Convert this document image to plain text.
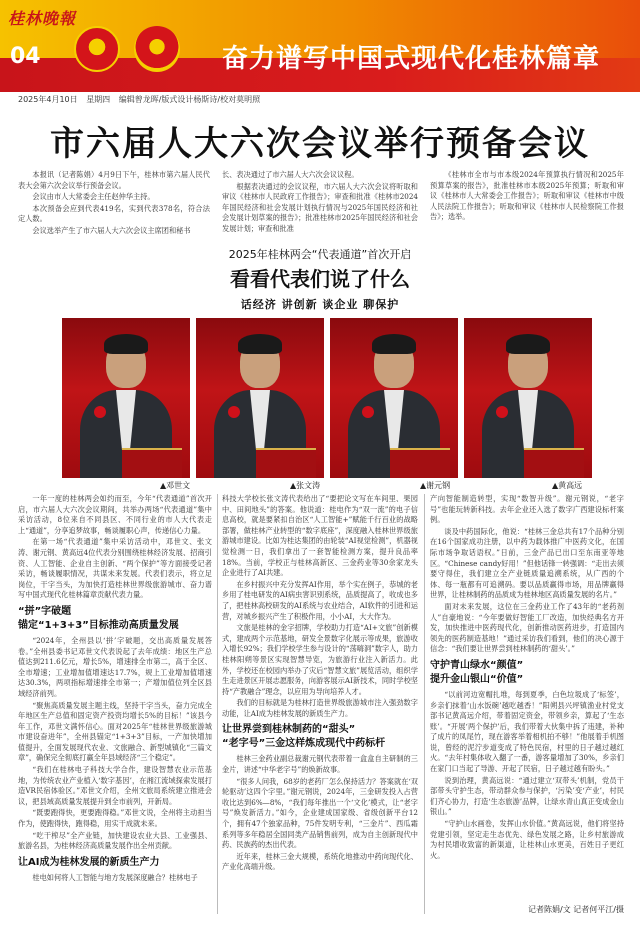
桂林晚報
04	奋力谱写中国式现代化桂林篇章
2025年4月10日 星期四 编辑曾龙晖/版式设计杨斯诗/校对莫明照
市六届人大六次会议举行预备会议

本报讯（记者陈娟）4月9日下午，桂林市第六届人民代表大会第六次会议举行预备会议。

会议由市人大常委会主任赵仲华主持。

本次预备会应到代表419名，实到代表378名，符合法定人数。

会议选举产生了市六届人大六次会议主席团和秘书

长、表决通过了市六届人大六次会议议程。

根据表决通过的会议议程，市六届人大六次会议将听取和审议《桂林市人民政府工作报告》；审查和批准《桂林市2024年国民经济和社会发展计划执行情况与2025年国民经济和社会发展计划草案的报告》；批准桂林市2025年国民经济和社会发展计划；审查和批准

《桂林市全市与市本级2024年预算执行情况和2025年预算草案的报告》，批准桂林市本级2025年预算；听取和审议《桂林市人大常委会工作报告》；听取和审议《桂林市中级人民法院工作报告》；听取和审议《桂林市人民检察院工作报告》；选举。

2025年桂林两会“代表通道”首次开启
看看代表们说了什么
话经济 讲创新 谈企业 聊保护
▲邓世文	▲张文涛	▲谢元钢	▲黄高远

一年一度的桂林两会如约而至，今年“代表通道”首次开启，市六届人大六次会议期间，共举办两场“代表通道”集中采访活动，8位来自不同县区、不同行业的市人大代表走上“通道”，分享追梦故事，畅谈履职心声，传递信心力量。

在第一场“代表通道”集中采访活动中，邓世文、张文涛、谢元钢、黄高远4位代表分别围绕桂林经济发展、招商引资、人工智能、企业自主创新、“两个保护”等方面接受记者采访，畅谈履职情况，共谋未来发展。代表们表示，将立足岗位，干字当头，为加快打造桂林世界级旅游城市、奋力谱写中国式现代化桂林篇章贡献代表力量。

“拼”字破题
锚定“1+3+3”目标推动高质量发展

“2024年，全州县以‘拼’字破题，交出高质量发展答卷。”全州县委书记邓世文代表说起了去年成绩：地区生产总值达到211.6亿元，增长5%，增速排全市第二，高于全区、全市增速；工业增加值增速达17.7%，规上工业增加值增速达30.3%，两项指标增速排全市第一；产增加值位列全区县域经济前列。

“聚焦高质量发展主题主线，坚持干字当头，奋力完成全年地区生产总值和固定资产投资均增长5%的目标！”该县今年工作，邓世文满怀信心。面对2025年“桂林世界级旅游城市建设奋进年”，全州县锚定“1+3+3”目标，一产加快增加值提升，全面发展现代农业、文旅融合、新型城镇化“三篇文章”，确保完全彻底打赢全年县域经济“三个稳定”。

“我们在桂林电子科技大学合作，建设智慧农业示范基地，为传统农业产业植入‘数字基因’，在湘江流域探索发展打造VR民宿体验区。”邓世文介绍，全州文旅局系统建立推进会议，把县域高质量发展提升到全市前列，开新局。

“既要跑得快，更要跑得稳。”邓世文说，全州将主动担当作为，使跑得快，跑得稳，用实干成就未来。

“吃干榨尽”全产业链，加快建设农业大县、工业强县、旅游名县，为桂林经济高质量发展作出全州贡献。

让AI成为桂林发展的新质生产力

桂电如何将人工智能与地方发展深度融合？桂林电子

科技大学校长张文涛代表给出了“要把论文写在车间里、果园中、田间地头”的答案。他说道：桂电作为“双一流”的电子信息高校，就是要紧扣自治区“人工智能+”赋能千行百业的战略部署，做桂林产业转型的“数字底座”，深度融入桂林世界级旅游城市建设。比如为桂达集团的由轮装“AI视觉检测”，机器视觉检测一日，我们拿出了一套智能检测方案，提升良品率18%。当前，学校正与桂林高新区、三金药业等30余家龙头企业进行了AI共建。

在乡村振兴中充分发挥AI作用，举个实在例子，恭城的老乡用了桂电研发的AI病虫害识别系统，品质提高了，收成也多了，把桂林高校研发的AI系统与农业结合，AI软件的引进和运营，对城乡振兴产生了积极作用，小小AI，大大作为。

文旅是桂林的金字招牌，学校助力打造“AI+文旅”创新模式，建成两个示范基地，研发全景数字化展示等成果，旅游收入增长92%；我们学校学生参与设计的“荡嗨洞”数字人，助力桂林阳朔等景区实现智慧导览，为旅游行业注入新活力。此外，学校还在校园内举办了灾后“智慧文旅”展览活动，组织学生走进景区开展志愿服务，向游客展示AI新技术，同时学校坚持“产教融合”理念，以应用为导向培养人才。

我们的目标就是为桂林打造世界级旅游城市注入强劲数字动能，让AI成为桂林发展的新质生产力。

让世界尝到桂林制药的“甜头”
“老字号”三金这样炼成现代中药标杆

桂林三金药业副总裁谢元钢代表带着一盒盒自主研制的三金片，讲述“中华老字号”的焕新故事。

“很多人问我，68岁的老药厂怎么保持活力？答案就在‘双轮驱动’这四个字里。”谢元钢说，2024年，三金研发投入占营收比达到6%—8%，“我们每年推出一个‘文化’模式，让“老字号”焕发新活力。”如今，企业建成国家级、省级创新平台12个，拥有47个独家品种，75件发明专利，“三金片”、西瓜霜系列等多年稳居全国同类产品销售前列，成为自主创新现代中药、民族药的杰出代表。

近年来，桂林三金大规模，系统化地推动中药向现代化、产业化高端升级。

产向智能制造转型，实现“数智升级”。谢元钢说，“老字号”也能玩转新科技。去年企业还入选了数字广西建设标杆案例。

谈及中药国际化，他说：“桂林三金总共有17个品种分别在16个国家成功注册，以中药为载体推广中医药文化，在国际市场争取话语权。”日前，三金产品已出口至东南亚等地区。“Chinese candy好用！”但他话锋一转强调：“走出去须要守得住，我们建立全产业链质量追溯系统，从广西的个体、每一瓶都有可追溯码。要以品质赢得市场，用品牌赢得世界，让桂林制药的品质成为桂林地区高质量发展的名片。”

面对未来发展，这位在三金药业工作了43年的“老药剂人”自豪地说：“今年要做好智能工厂改造，加快经典名方开发，加快推进中医药现代化，创新推动医药进步，打造国内领先的医药制造基地！”通过采访我们看到，他们的决心源于信念：“我们要让世界尝到桂林制药的‘甜头’。”

守护青山绿水“颜值”
提升金山银山“价值”

“以前河边宽帽扎堆，每到夏季，白色垃圾成了‘标签’，乡亲们抹着‘山水饭碗’越吃越香！”阳朔县兴坪镇渔业村党支部书记黄高远介绍，带着固定资金，带领乡亲，算起了‘生态账’。“开展‘两个保护’后，我们带着大伙集中拆了违建，补种了成片的凤尾竹，现在游客举着相机拍不够！”他展着手机图说，曾经的泥泞步道变成了特色民宿，村里的日子越过越红火。“去年村集体收入翻了一番，游客量增加了30%，乡亲们在家门口当起了导游、开起了民宿，日子越过越有盼头。”

说到治理，黄高远说：“通过建立‘双带头’机制，党员干部带头守护生态，带动群众参与保护，‘污染’变‘产业’，村民们齐心协力，打造‘生态旅游’品牌，让绿水青山真正变成金山银山。”

“守护山水画卷，发挥山水价值。”黄高远说，他们将坚持党建引领，坚定走生态优先、绿色发展之路，让乡村旅游成为村民增收致富的新渠道，让桂林山水更美，百姓日子更红火。

记者陈娟/文 记者何平江/摄
